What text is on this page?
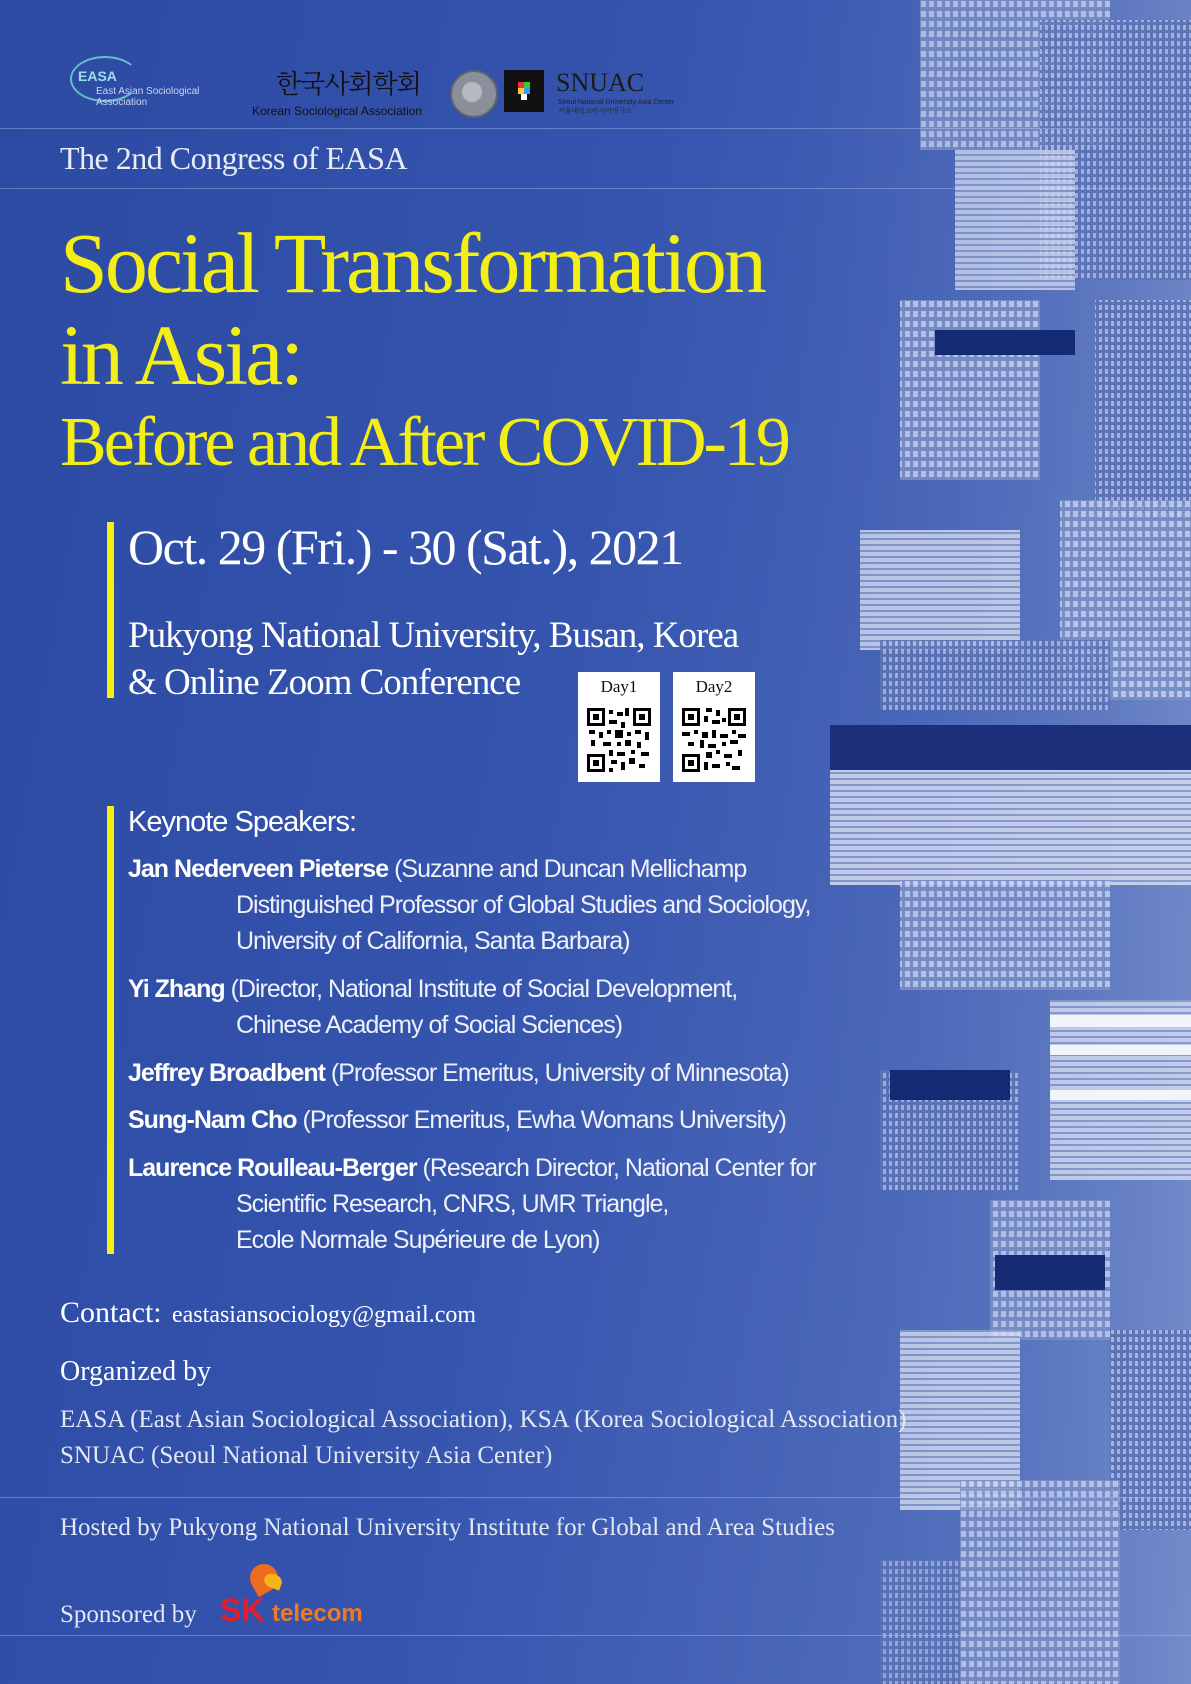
EASA
East Asian Sociological Association
한국사회학회
Korean Sociological Association
SNUAC
Seoul National University Asia Center
서울대학교아시아연구소
The 2nd Congress of EASA
Social Transformation
in Asia:
Before and After COVID-19
Oct. 29 (Fri.) - 30 (Sat.), 2021
Pukyong National University, Busan, Korea
& Online Zoom Conference	Day1	Day2
Keynote Speakers:
Jan Nederveen Pieterse (Suzanne and Duncan Mellichamp
Distinguished Professor of Global Studies and Sociology,
University of California, Santa Barbara)
Yi Zhang (Director, National Institute of Social Development,
Chinese Academy of Social Sciences)
Jeffrey Broadbent (Professor Emeritus, University of Minnesota)
Sung-Nam Cho (Professor Emeritus, Ewha Womans University)
Laurence Roulleau-Berger (Research Director, National Center for
Scientific Research, CNRS, UMR Triangle,
Ecole Normale Supérieure de Lyon)
Contact: eastasiansociology@gmail.com
Organized by
EASA (East Asian Sociological Association), KSA (Korea Sociological Association)
SNUAC (Seoul National University Asia Center)
Hosted by Pukyong National University Institute for Global and Area Studies
Sponsored by SK telecom
